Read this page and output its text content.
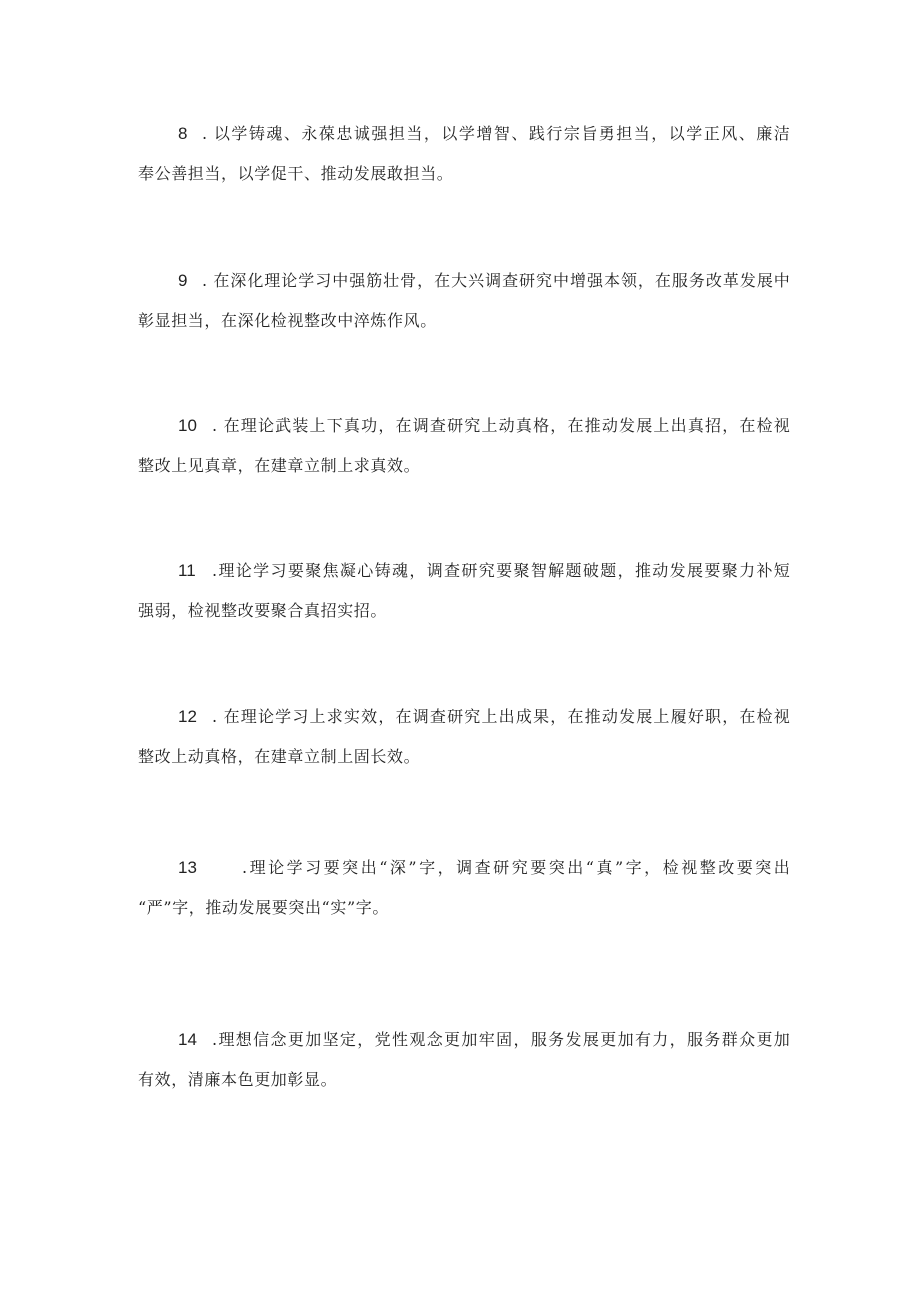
8 . 以学铸魂、永葆忠诚强担当，以学增智、践行宗旨勇担当，以学正风、廉洁
奉公善担当，以学促干、推动发展敢担当。
9 . 在深化理论学习中强筋壮骨，在大兴调查研究中增强本领，在服务改革发展中
彰显担当，在深化检视整改中淬炼作风。
10 . 在理论武装上下真功，在调查研究上动真格，在推动发展上出真招，在检视
整改上见真章，在建章立制上求真效。
11 .理论学习要聚焦凝心铸魂，调查研究要聚智解题破题，推动发展要聚力补短
强弱，检视整改要聚合真招实招。
12 . 在理论学习上求实效，在调查研究上出成果，在推动发展上履好职，在检视
整改上动真格，在建章立制上固长效。
13	.理论学习要突出“深”字，调查研究要突出“真”字，检视整改要突出
“严”字，推动发展要突出“实”字。
14 .理想信念更加坚定，党性观念更加牢固，服务发展更加有力，服务群众更加
有效，清廉本色更加彰显。
